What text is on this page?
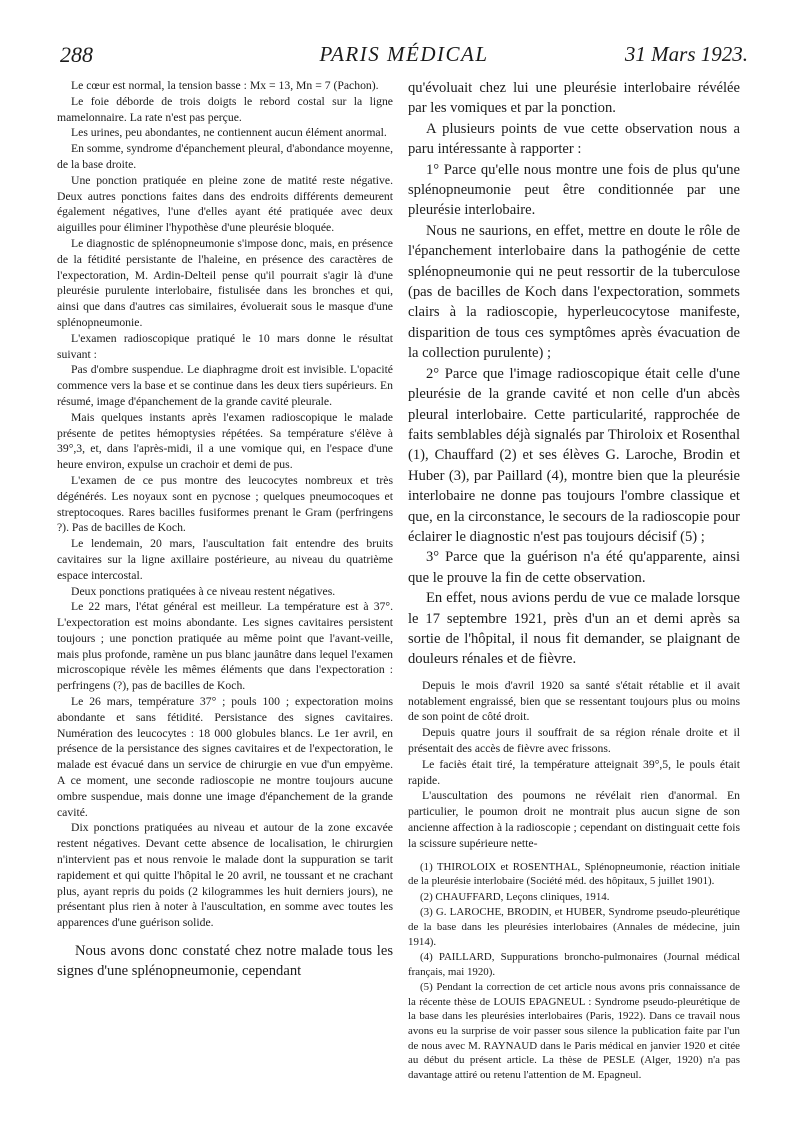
288	PARIS MÉDICAL	31 Mars 1923.

Le cœur est normal, la tension basse : Mx = 13, Mn = 7 (Pachon).

Le foie déborde de trois doigts le rebord costal sur la ligne mamelonnaire. La rate n'est pas perçue.

Les urines, peu abondantes, ne contiennent aucun élément anormal.

En somme, syndrome d'épanchement pleural, d'abondance moyenne, de la base droite.

Une ponction pratiquée en pleine zone de matité reste négative. Deux autres ponctions faites dans des endroits différents demeurent également négatives, l'une d'elles ayant été pratiquée avec deux aiguilles pour éliminer l'hypothèse d'une pleurésie bloquée.

Le diagnostic de splénopneumonie s'impose donc, mais, en présence de la fétidité persistante de l'haleine, en présence des caractères de l'expectoration, M. Ardin-Delteil pense qu'il pourrait s'agir là d'une pleurésie purulente interlobaire, fistulisée dans les bronches et qui, ainsi que dans d'autres cas similaires, évoluerait sous le masque d'une splénopneumonie.

L'examen radioscopique pratiqué le 10 mars donne le résultat suivant :

Pas d'ombre suspendue. Le diaphragme droit est invisible. L'opacité commence vers la base et se continue dans les deux tiers supérieurs. En résumé, image d'épanchement de la grande cavité pleurale.

Mais quelques instants après l'examen radioscopique le malade présente de petites hémoptysies répétées. Sa température s'élève à 39°,3, et, dans l'après-midi, il a une vomique qui, en l'espace d'une heure environ, expulse un crachoir et demi de pus.

L'examen de ce pus montre des leucocytes nombreux et très dégénérés. Les noyaux sont en pycnose ; quelques pneumocoques et streptocoques. Rares bacilles fusiformes prenant le Gram (perfringens ?). Pas de bacilles de Koch.

Le lendemain, 20 mars, l'auscultation fait entendre des bruits cavitaires sur la ligne axillaire postérieure, au niveau du quatrième espace intercostal.

Deux ponctions pratiquées à ce niveau restent négatives.

Le 22 mars, l'état général est meilleur. La température est à 37°. L'expectoration est moins abondante. Les signes cavitaires persistent toujours ; une ponction pratiquée au même point que l'avant-veille, mais plus profonde, ramène un pus blanc jaunâtre dans lequel l'examen microscopique révèle les mêmes éléments que dans l'expectoration : perfringens (?), pas de bacilles de Koch.

Le 26 mars, température 37° ; pouls 100 ; expectoration moins abondante et sans fétidité. Persistance des signes cavitaires. Numération des leucocytes : 18 000 globules blancs. Le 1er avril, en présence de la persistance des signes cavitaires et de l'expectoration, le malade est évacué dans un service de chirurgie en vue d'un empyème. A ce moment, une seconde radioscopie ne montre toujours aucune ombre suspendue, mais donne une image d'épanchement de la grande cavité.

Dix ponctions pratiquées au niveau et autour de la zone excavée restent négatives. Devant cette absence de localisation, le chirurgien n'intervient pas et nous renvoie le malade dont la suppuration se tarit rapidement et qui quitte l'hôpital le 20 avril, ne toussant et ne crachant plus, ayant repris du poids (2 kilogrammes les huit derniers jours), ne présentant plus rien à noter à l'auscultation, en somme avec toutes les apparences d'une guérison solide.

Nous avons donc constaté chez notre malade tous les signes d'une splénopneumonie, cependant

qu'évoluait chez lui une pleurésie interlobaire révélée par les vomiques et par la ponction.

A plusieurs points de vue cette observation nous a paru intéressante à rapporter :

1° Parce qu'elle nous montre une fois de plus qu'une splénopneumonie peut être conditionnée par une pleurésie interlobaire.

Nous ne saurions, en effet, mettre en doute le rôle de l'épanchement interlobaire dans la pathogénie de cette splénopneumonie qui ne peut ressortir de la tuberculose (pas de bacilles de Koch dans l'expectoration, sommets clairs à la radioscopie, hyperleucocytose manifeste, disparition de tous ces symptômes après évacuation de la collection purulente) ;

2° Parce que l'image radioscopique était celle d'une pleurésie de la grande cavité et non celle d'un abcès pleural interlobaire. Cette particularité, rapprochée de faits semblables déjà signalés par Thiroloix et Rosenthal (1), Chauffard (2) et ses élèves G. Laroche, Brodin et Huber (3), par Paillard (4), montre bien que la pleurésie interlobaire ne donne pas toujours l'ombre classique et que, en la circonstance, le secours de la radioscopie pour éclairer le diagnostic n'est pas toujours décisif (5) ;

3° Parce que la guérison n'a été qu'apparente, ainsi que le prouve la fin de cette observation.

En effet, nous avions perdu de vue ce malade lorsque le 17 septembre 1921, près d'un an et demi après sa sortie de l'hôpital, il nous fit demander, se plaignant de douleurs rénales et de fièvre.

Depuis le mois d'avril 1920 sa santé s'était rétablie et il avait notablement engraissé, bien que se ressentant toujours plus ou moins de son point de côté droit.

Depuis quatre jours il souffrait de sa région rénale droite et il présentait des accès de fièvre avec frissons.

Le faciès était tiré, la température atteignait 39°,5, le pouls était rapide.

L'auscultation des poumons ne révélait rien d'anormal. En particulier, le poumon droit ne montrait plus aucun signe de son ancienne affection à la radioscopie ; cependant on distinguait cette fois la scissure supérieure nette-

(1) THIROLOIX et ROSENTHAL, Splénopneumonie, réaction initiale de la pleurésie interlobaire (Société méd. des hôpitaux, 5 juillet 1901).

(2) CHAUFFARD, Leçons cliniques, 1914.

(3) G. LAROCHE, BRODIN, et HUBER, Syndrome pseudo-pleurétique de la base dans les pleurésies interlobaires (Annales de médecine, juin 1914).

(4) PAILLARD, Suppurations broncho-pulmonaires (Journal médical français, mai 1920).

(5) Pendant la correction de cet article nous avons pris connaissance de la récente thèse de LOUIS EPAGNEUL : Syndrome pseudo-pleurétique de la base dans les pleurésies interlobaires (Paris, 1922). Dans ce travail nous avons eu la surprise de voir passer sous silence la publication faite par l'un de nous avec M. RAYNAUD dans le Paris médical en janvier 1920 et citée au début du présent article. La thèse de PESLE (Alger, 1920) n'a pas davantage attiré ou retenu l'attention de M. Epagneul.
